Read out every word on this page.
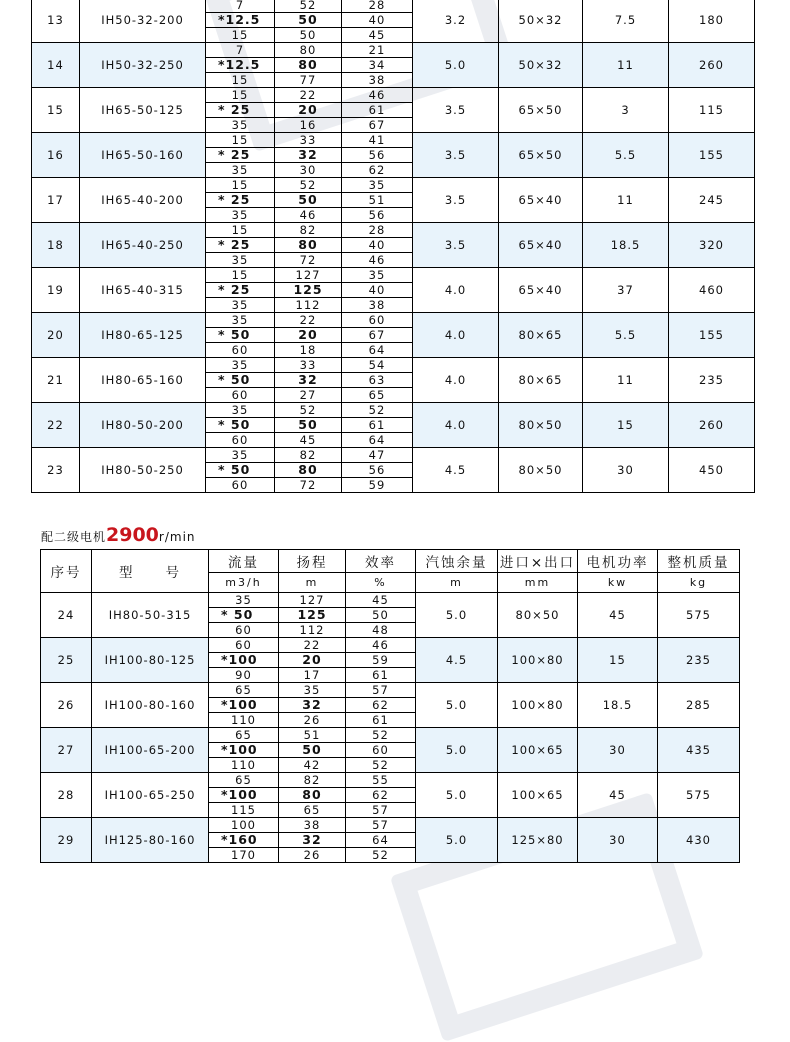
13	IH50-32-200	7	52	28	3.2	50×32	7.5	180
		*12.5	50	40				
		15	50	45				
14	IH50-32-250	7	80	21	5.0	50×32	11	260
		*12.5	80	34				
		15	77	38				
15	IH65-50-125	15	22	46	3.5	65×50	3	115
		* 25	20	61				
		35	16	67				
16	IH65-50-160	15	33	41	3.5	65×50	5.5	155
		* 25	32	56				
		35	30	62				
17	IH65-40-200	15	52	35	3.5	65×40	11	245
		* 25	50	51				
		35	46	56				
18	IH65-40-250	15	82	28	3.5	65×40	18.5	320
		* 25	80	40				
		35	72	46				
19	IH65-40-315	15	127	35	4.0	65×40	37	460
		* 25	125	40				
		35	112	38				
20	IH80-65-125	35	22	60	4.0	80×65	5.5	155
		* 50	20	67				
		60	18	64				
21	IH80-65-160	35	33	54	4.0	80×65	11	235
		* 50	32	63				
		60	27	65				
22	IH80-50-200	35	52	52	4.0	80×50	15	260
		* 50	50	61				
		60	45	64				
23	IH80-50-250	35	82	47	4.5	80×50	30	450
		* 50	80	56				
		60	72	59				
配二级电机2900r/min
序号	型　　号	流量	扬程	效率	汽蚀余量	进口×出口	电机功率	整机质量
		m3/h	m	%	m	mm	kw	kg
24	IH80-50-315	35	127	45	5.0	80×50	45	575
		* 50	125	50				
		60	112	48				
25	IH100-80-125	60	22	46	4.5	100×80	15	235
		*100	20	59				
		90	17	61				
26	IH100-80-160	65	35	57	5.0	100×80	18.5	285
		*100	32	62				
		110	26	61				
27	IH100-65-200	65	51	52	5.0	100×65	30	435
		*100	50	60				
		110	42	52				
28	IH100-65-250	65	82	55	5.0	100×65	45	575
		*100	80	62				
		115	65	57				
29	IH125-80-160	100	38	57	5.0	125×80	30	430
		*160	32	64				
		170	26	52				
